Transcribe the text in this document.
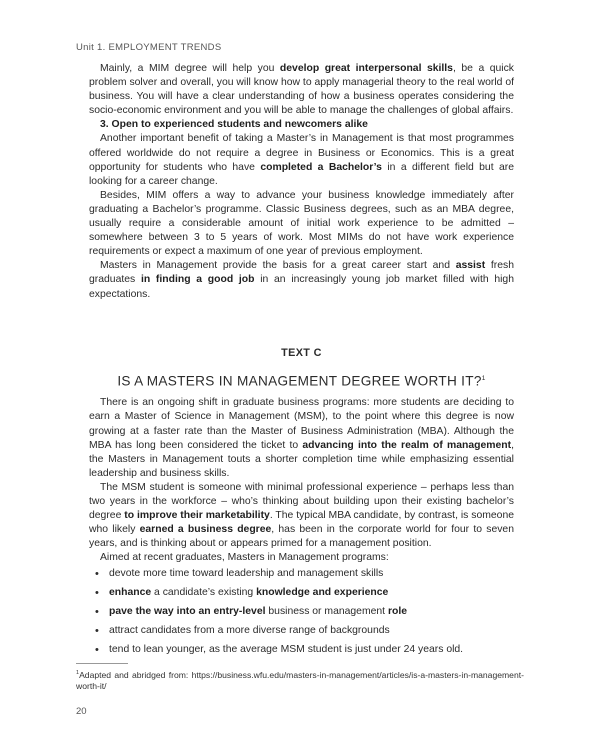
Unit 1. EMPLOYMENT TRENDS

Mainly, a MIM degree will help you develop great interpersonal skills, be a quick problem solver and overall, you will know how to apply managerial theory to the real world of business. You will have a clear understanding of how a business operates considering the socio-economic environment and you will be able to manage the challenges of global affairs.

3. Open to experienced students and newcomers alike

Another important benefit of taking a Master’s in Management is that most programmes offered worldwide do not require a degree in Business or Economics. This is a great opportunity for students who have completed a Bachelor’s in a different field but are looking for a career change.

Besides, MIM offers a way to advance your business knowledge immediately after graduating a Bachelor’s programme. Classic Business degrees, such as an MBA degree, usually require a considerable amount of initial work experience to be admitted – somewhere between 3 to 5 years of work. Most MIMs do not have work experience requirements or expect a maximum of one year of previous employment.

Masters in Management provide the basis for a great career start and assist fresh graduates in finding a good job in an increasingly young job market filled with high expectations.

TEXT C
IS A MASTERS IN MANAGEMENT DEGREE WORTH IT?$^1$

There is an ongoing shift in graduate business programs: more students are deciding to earn a Master of Science in Management (MSM), to the point where this degree is now growing at a faster rate than the Master of Business Administration (MBA). Although the MBA has long been considered the ticket to advancing into the realm of management, the Masters in Management touts a shorter completion time while emphasizing essential leadership and business skills.

The MSM student is someone with minimal professional experience – perhaps less than two years in the workforce – who’s thinking about building upon their existing bachelor’s degree to improve their marketability. The typical MBA candidate, by contrast, is someone who likely earned a business degree, has been in the corporate world for four to seven years, and is thinking about or appears primed for a management position.

Aimed at recent graduates, Masters in Management programs:

• devote more time toward leadership and management skills
• enhance a candidate’s existing knowledge and experience
• pave the way into an entry-level business or management role
• attract candidates from a more diverse range of backgrounds
• tend to lean younger, as the average MSM student is just under 24 years old.
$^1$Adapted and abridged from: https://business.wfu.edu/masters-in-management/articles/is-a-masters-in-management-worth-it/
20
